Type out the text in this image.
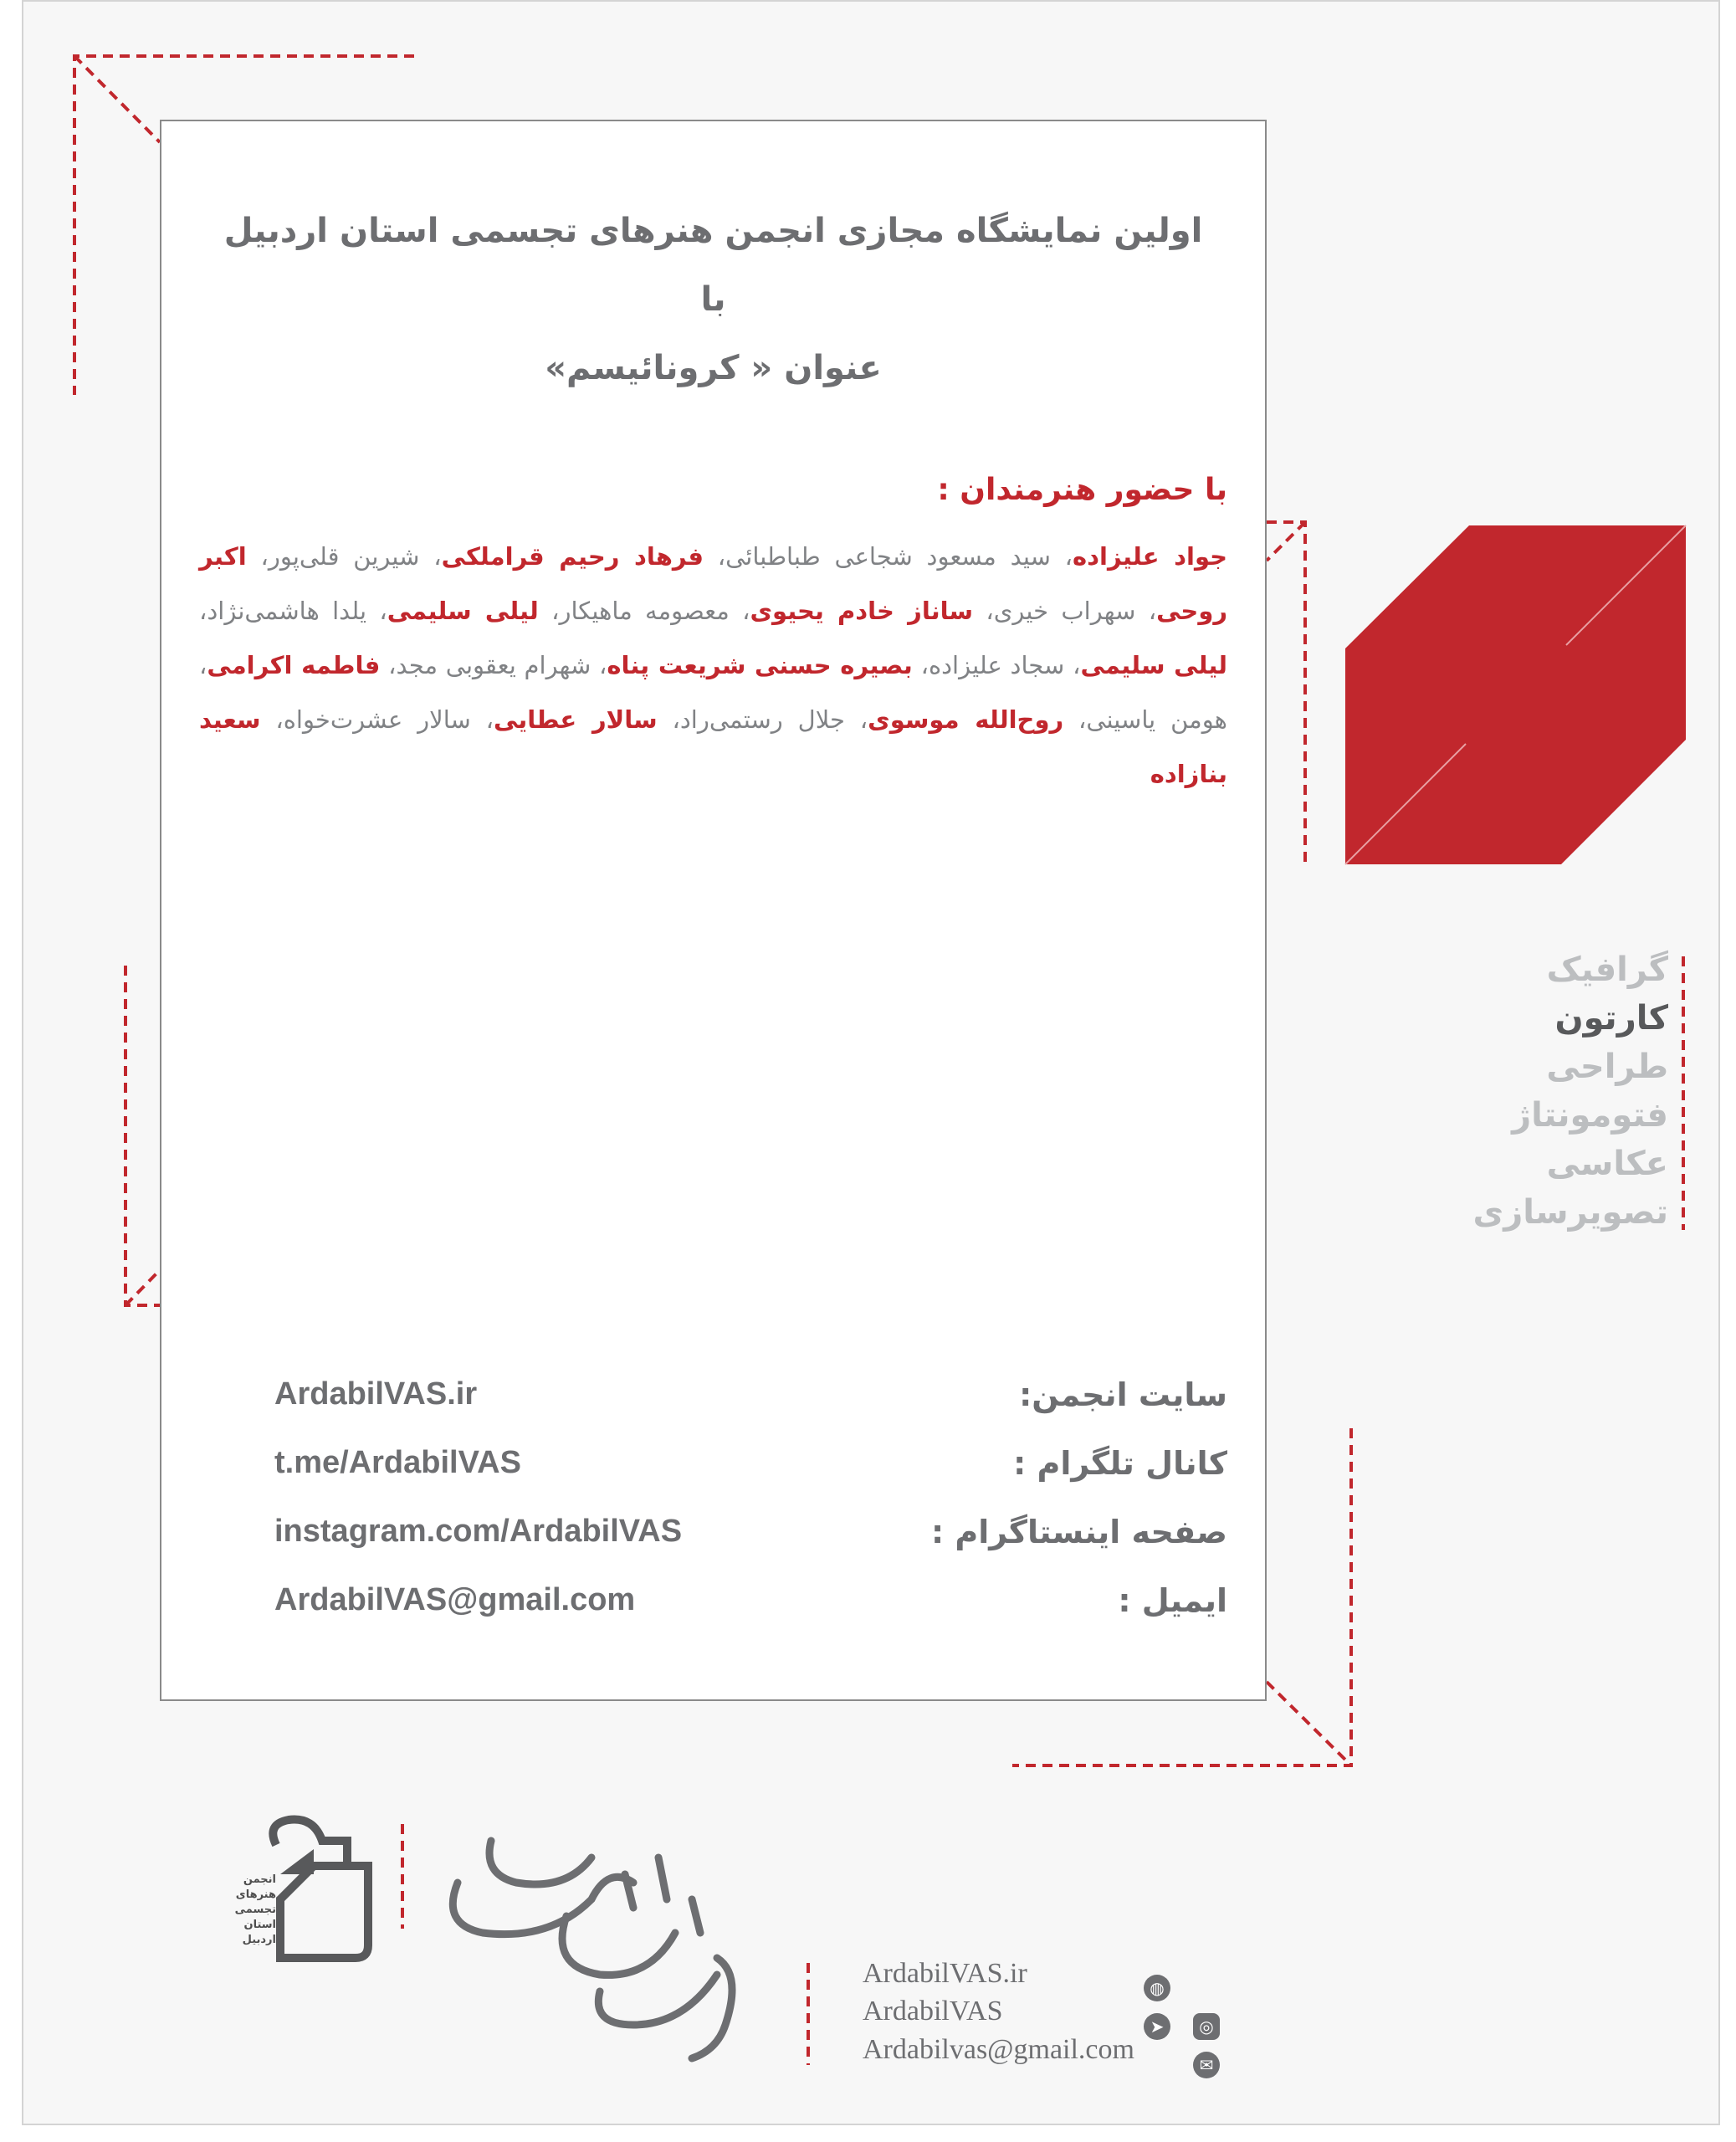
اولین نمایشگاه مجازی انجمن هنرهای تجسمی استان اردبیل با
عنوان « کرونائیسم»
با حضور هنرمندان :
جواد علیزاده، سید مسعود شجاعی طباطبائی، فرهاد رحیم قراملکی، شیرین قلی‌پور، اکبر روحی، سهراب خیری، ساناز خادم یحیوی، معصومه ماهیکار، لیلی سلیمی، یلدا هاشمی‌نژاد، لیلی سلیمی، سجاد علیزاده، بصیره حسنی شریعت پناه، شهرام یعقوبی مجد، فاطمه اکرامی، هومن یاسینی، روح‌الله موسوی، جلال رستمی‌راد، سالار عطایی، سالار عشرت‌خواه، سعید بنازاده
سایت انجمن:
ArdabilVAS.ir
کانال تلگرام :
t.me/ArdabilVAS
صفحه اینستاگرام :
instagram.com/ArdabilVAS
ایمیل :
ArdabilVAS@gmail.com
گرافیک
کارتون
طراحی
فتومونتاژ
عکاسی
تصویرسازی
انجمن
هنرهای
تجسمی
استان اردبیل
ArdabilVAS.ir
ArdabilVAS
Ardabilvas@gmail.com
◍
➤	◎
✉
